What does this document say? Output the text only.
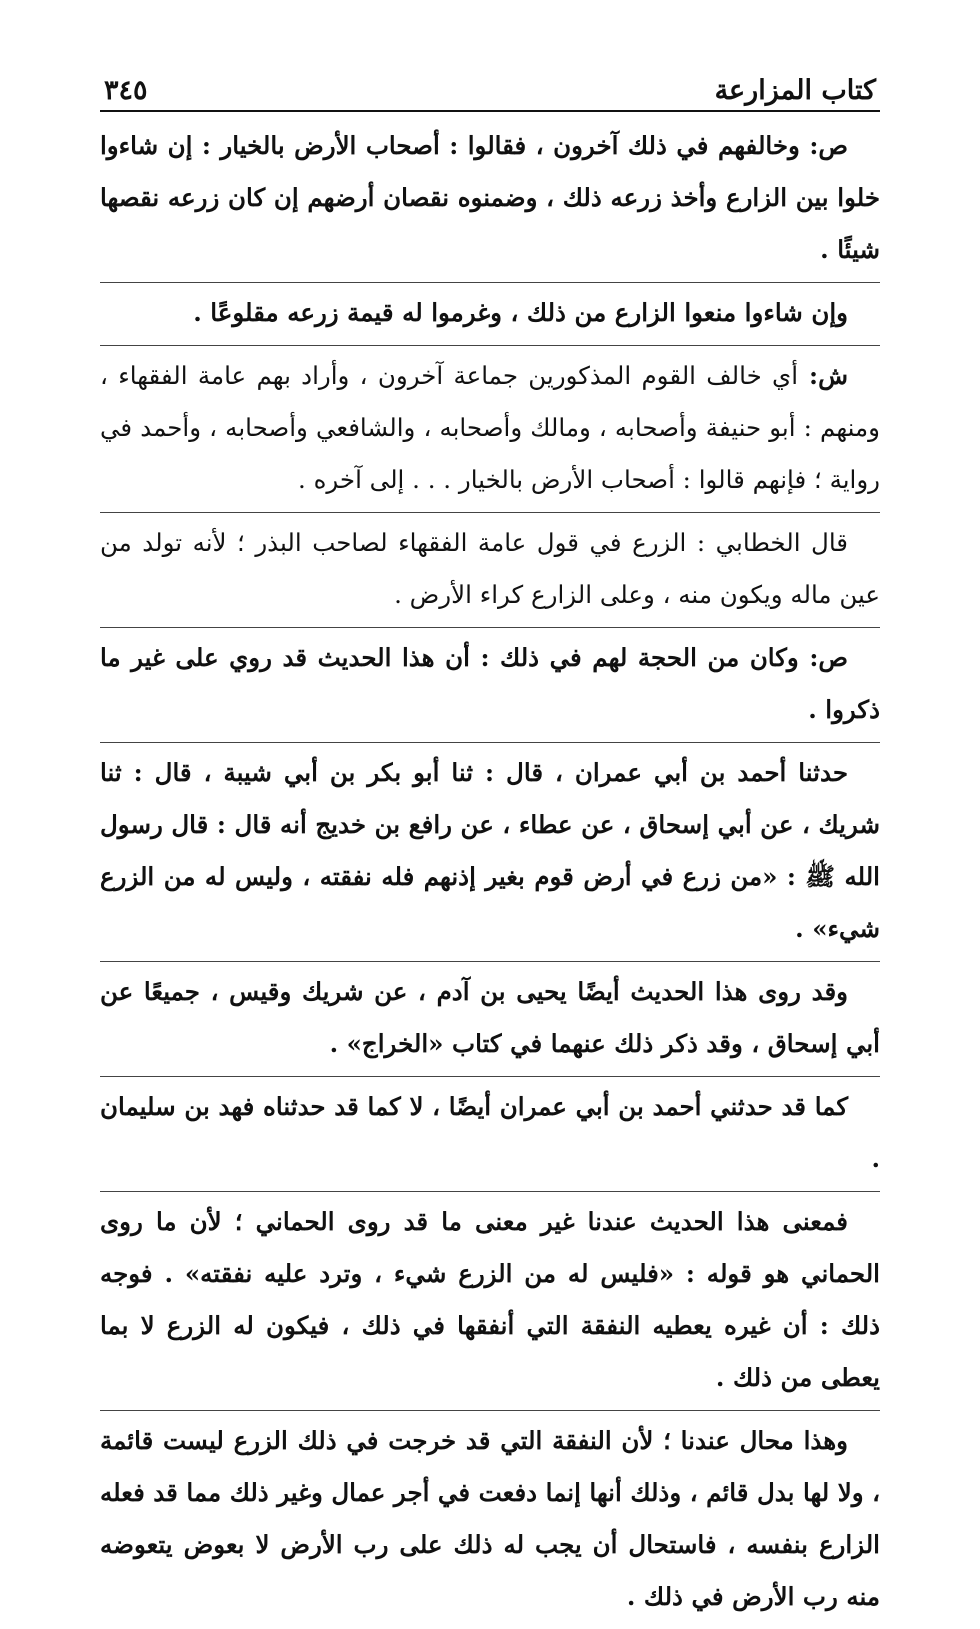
كتاب المزارعة
٣٤٥

ص: وخالفهم في ذلك آخرون ، فقالوا : أصحاب الأرض بالخيار : إن شاءوا خلوا بين الزارع وأخذ زرعه ذلك ، وضمنوه نقصان أرضهم إن كان زرعه نقصها شيئًا .

وإن شاءوا منعوا الزارع من ذلك ، وغرموا له قيمة زرعه مقلوعًا .

ش: أي خالف القوم المذكورين جماعة آخرون ، وأراد بهم عامة الفقهاء ، ومنهم : أبو حنيفة وأصحابه ، ومالك وأصحابه ، والشافعي وأصحابه ، وأحمد في رواية ؛ فإنهم قالوا : أصحاب الأرض بالخيار . . . إلى آخره .

قال الخطابي : الزرع في قول عامة الفقهاء لصاحب البذر ؛ لأنه تولد من عين ماله ويكون منه ، وعلى الزارع كراء الأرض .

ص: وكان من الحجة لهم في ذلك : أن هذا الحديث قد روي على غير ما ذكروا .

حدثنا أحمد بن أبي عمران ، قال : ثنا أبو بكر بن أبي شيبة ، قال : ثنا شريك ، عن أبي إسحاق ، عن عطاء ، عن رافع بن خديج أنه قال : قال رسول الله ﷺ : «من زرع في أرض قوم بغير إذنهم فله نفقته ، وليس له من الزرع شيء» .

وقد روى هذا الحديث أيضًا يحيى بن آدم ، عن شريك وقيس ، جميعًا عن أبي إسحاق ، وقد ذكر ذلك عنهما في كتاب «الخراج» .

كما قد حدثني أحمد بن أبي عمران أيضًا ، لا كما قد حدثناه فهد بن سليمان .

فمعنى هذا الحديث عندنا غير معنى ما قد روى الحماني ؛ لأن ما روى الحماني هو قوله : «فليس له من الزرع شيء ، وترد عليه نفقته» . فوجه ذلك : أن غيره يعطيه النفقة التي أنفقها في ذلك ، فيكون له الزرع لا بما يعطى من ذلك .

وهذا محال عندنا ؛ لأن النفقة التي قد خرجت في ذلك الزرع ليست قائمة ، ولا لها بدل قائم ، وذلك أنها إنما دفعت في أجر عمال وغير ذلك مما قد فعله الزارع بنفسه ، فاستحال أن يجب له ذلك على رب الأرض لا بعوض يتعوضه منه رب الأرض في ذلك .
